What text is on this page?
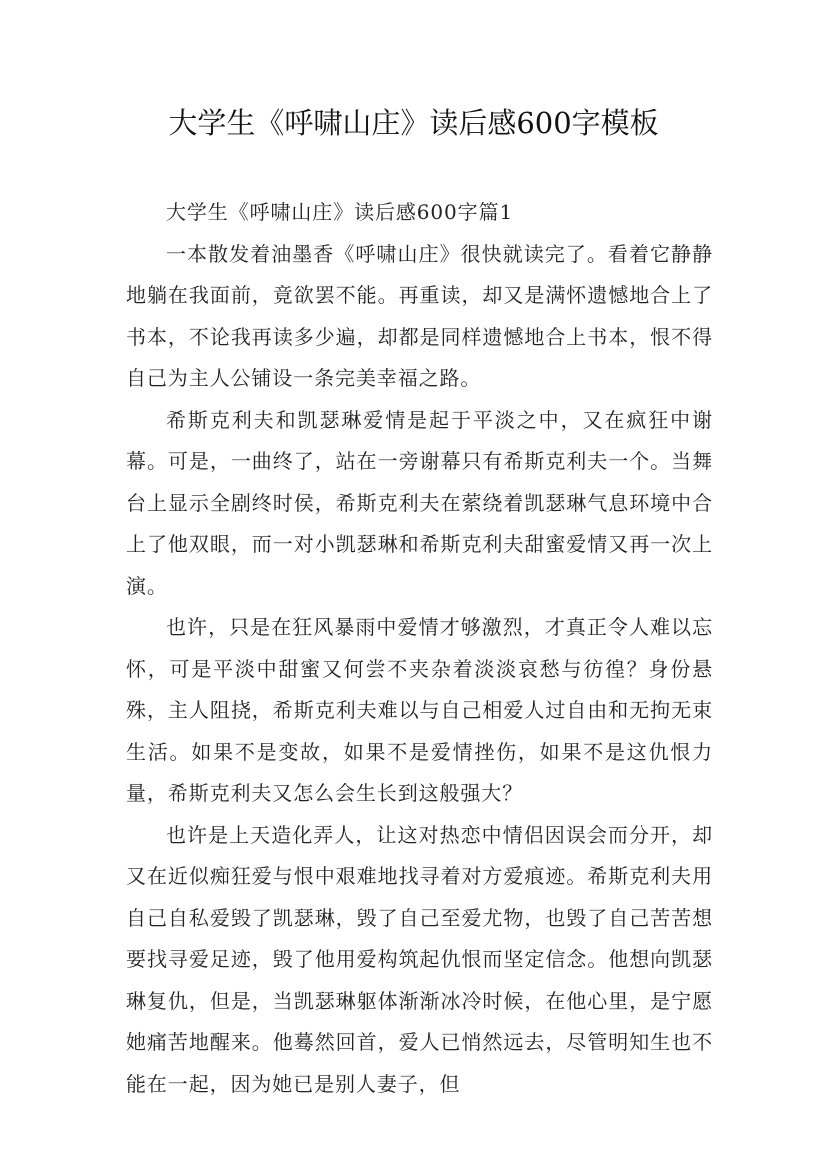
大学生《呼啸山庄》读后感600字模板

大学生《呼啸山庄》读后感600字篇1

一本散发着油墨香《呼啸山庄》很快就读完了。看着它静静地躺在我面前，竟欲罢不能。再重读，却又是满怀遗憾地合上了书本，不论我再读多少遍，却都是同样遗憾地合上书本，恨不得自己为主人公铺设一条完美幸福之路。

希斯克利夫和凯瑟琳爱情是起于平淡之中，又在疯狂中谢幕。可是，一曲终了，站在一旁谢幕只有希斯克利夫一个。当舞台上显示全剧终时侯，希斯克利夫在萦绕着凯瑟琳气息环境中合上了他双眼，而一对小凯瑟琳和希斯克利夫甜蜜爱情又再一次上演。

也许，只是在狂风暴雨中爱情才够激烈，才真正令人难以忘怀，可是平淡中甜蜜又何尝不夹杂着淡淡哀愁与彷徨？身份悬殊，主人阻挠，希斯克利夫难以与自己相爱人过自由和无拘无束生活。如果不是变故，如果不是爱情挫伤，如果不是这仇恨力量，希斯克利夫又怎么会生长到这般强大？

也许是上天造化弄人，让这对热恋中情侣因误会而分开，却又在近似痴狂爱与恨中艰难地找寻着对方爱痕迹。希斯克利夫用自己自私爱毁了凯瑟琳，毁了自己至爱尤物，也毁了自己苦苦想要找寻爱足迹，毁了他用爱构筑起仇恨而坚定信念。他想向凯瑟琳复仇，但是，当凯瑟琳躯体渐渐冰冷时候，在他心里，是宁愿她痛苦地醒来。他蓦然回首，爱人已悄然远去，尽管明知生也不能在一起，因为她已是别人妻子，但
